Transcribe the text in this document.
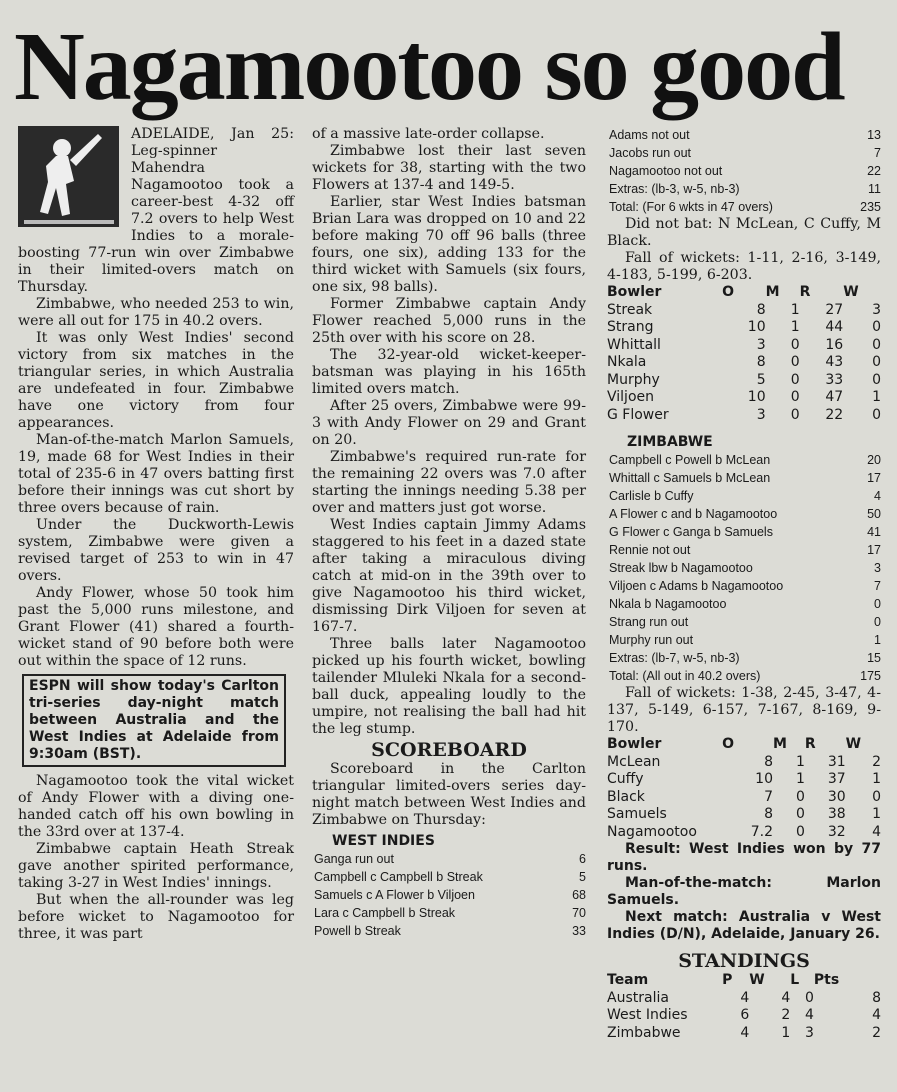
Nagamootoo so good

ADELAIDE, Jan 25: Leg-spinner Mahendra Nagamootoo took a career-best 4-32 off 7.2 overs to help West Indies to a morale-boosting 77-run win over Zimbabwe in their limited-overs match on Thursday.

Zimbabwe, who needed 253 to win, were all out for 175 in 40.2 overs.

It was only West Indies' second victory from six matches in the triangular series, in which Australia are undefeated in four. Zimbabwe have one victory from four appearances.

Man-of-the-match Marlon Samuels, 19, made 68 for West Indies in their total of 235-6 in 47 overs batting first before their innings was cut short by three overs because of rain.

Under the Duckworth-Lewis system, Zimbabwe were given a revised target of 253 to win in 47 overs.

Andy Flower, whose 50 took him past the 5,000 runs milestone, and Grant Flower (41) shared a fourth-wicket stand of 90 before both were out within the space of 12 runs.

ESPN will show today's Carlton tri-series day-night match between Australia and the West Indies at Adelaide from 9:30am (BST).

Nagamootoo took the vital wicket of Andy Flower with a diving one-handed catch off his own bowling in the 33rd over at 137-4.

Zimbabwe captain Heath Streak gave another spirited performance, taking 3-27 in West Indies' innings.

But when the all-rounder was leg before wicket to Nagamootoo for three, it was part

of a massive late-order collapse.

Zimbabwe lost their last seven wickets for 38, starting with the two Flowers at 137-4 and 149-5.

Earlier, star West Indies batsman Brian Lara was dropped on 10 and 22 before making 70 off 96 balls (three fours, one six), adding 133 for the third wicket with Samuels (six fours, one six, 98 balls).

Former Zimbabwe captain Andy Flower reached 5,000 runs in the 25th over with his score on 28.

The 32-year-old wicket-keeper-batsman was playing in his 165th limited overs match.

After 25 overs, Zimbabwe were 99-3 with Andy Flower on 29 and Grant on 20.

Zimbabwe's required run-rate for the remaining 22 overs was 7.0 after starting the innings needing 5.38 per over and matters just got worse.

West Indies captain Jimmy Adams staggered to his feet in a dazed state after taking a miraculous diving catch at mid-on in the 39th over to give Nagamootoo his third wicket, dismissing Dirk Viljoen for seven at 167-7.

Three balls later Nagamootoo picked up his fourth wicket, bowling tailender Mluleki Nkala for a second-ball duck, appealing loudly to the umpire, not realising the ball had hit the leg stump.

SCOREBOARD

Scoreboard in the Carlton triangular limited-overs series day-night match between West Indies and Zimbabwe on Thursday:

WEST INDIES
Ganga run out	6
Campbell c Campbell b Streak	5
Samuels c A Flower b Viljoen	68
Lara c Campbell b Streak	70
Powell b Streak	33
Adams not out	13
Jacobs run out	7
Nagamootoo not out	22
Extras: (lb-3, w-5, nb-3)	11
Total: (For 6 wkts in 47 overs)	235

Did not bat: N McLean, C Cuffy, M Black.

Fall of wickets: 1-11, 2-16, 3-149, 4-183, 5-199, 6-203.

Bowler	O	M	R	W
Streak	8	1	27	3
Strang	10	1	44	0
Whittall	3	0	16	0
Nkala	8	0	43	0
Murphy	5	0	33	0
Viljoen	10	0	47	1
G Flower	3	0	22	0
ZIMBABWE
Campbell c Powell b McLean	20
Whittall c Samuels b McLean	17
Carlisle b Cuffy	4
A Flower c and b Nagamootoo	50
G Flower c Ganga b Samuels	41
Rennie not out	17
Streak lbw b Nagamootoo	3
Viljoen c Adams b Nagamootoo	7
Nkala b Nagamootoo	0
Strang run out	0
Murphy run out	1
Extras: (lb-7, w-5, nb-3)	15
Total: (All out in 40.2 overs)	175

Fall of wickets: 1-38, 2-45, 3-47, 4-137, 5-149, 6-157, 7-167, 8-169, 9-170.

Bowler	O	M	R	W
McLean	8	1	31	2
Cuffy	10	1	37	1
Black	7	0	30	0
Samuels	8	0	38	1
Nagamootoo	7.2	0	32	4

Result: West Indies won by 77 runs.

Man-of-the-match: Marlon Samuels.

Next match: Australia v West Indies (D/N), Adelaide, January 26.

STANDINGS
Team	P	W	L	Pts
Australia	4	4	0	8
West Indies	6	2	4	4
Zimbabwe	4	1	3	2
